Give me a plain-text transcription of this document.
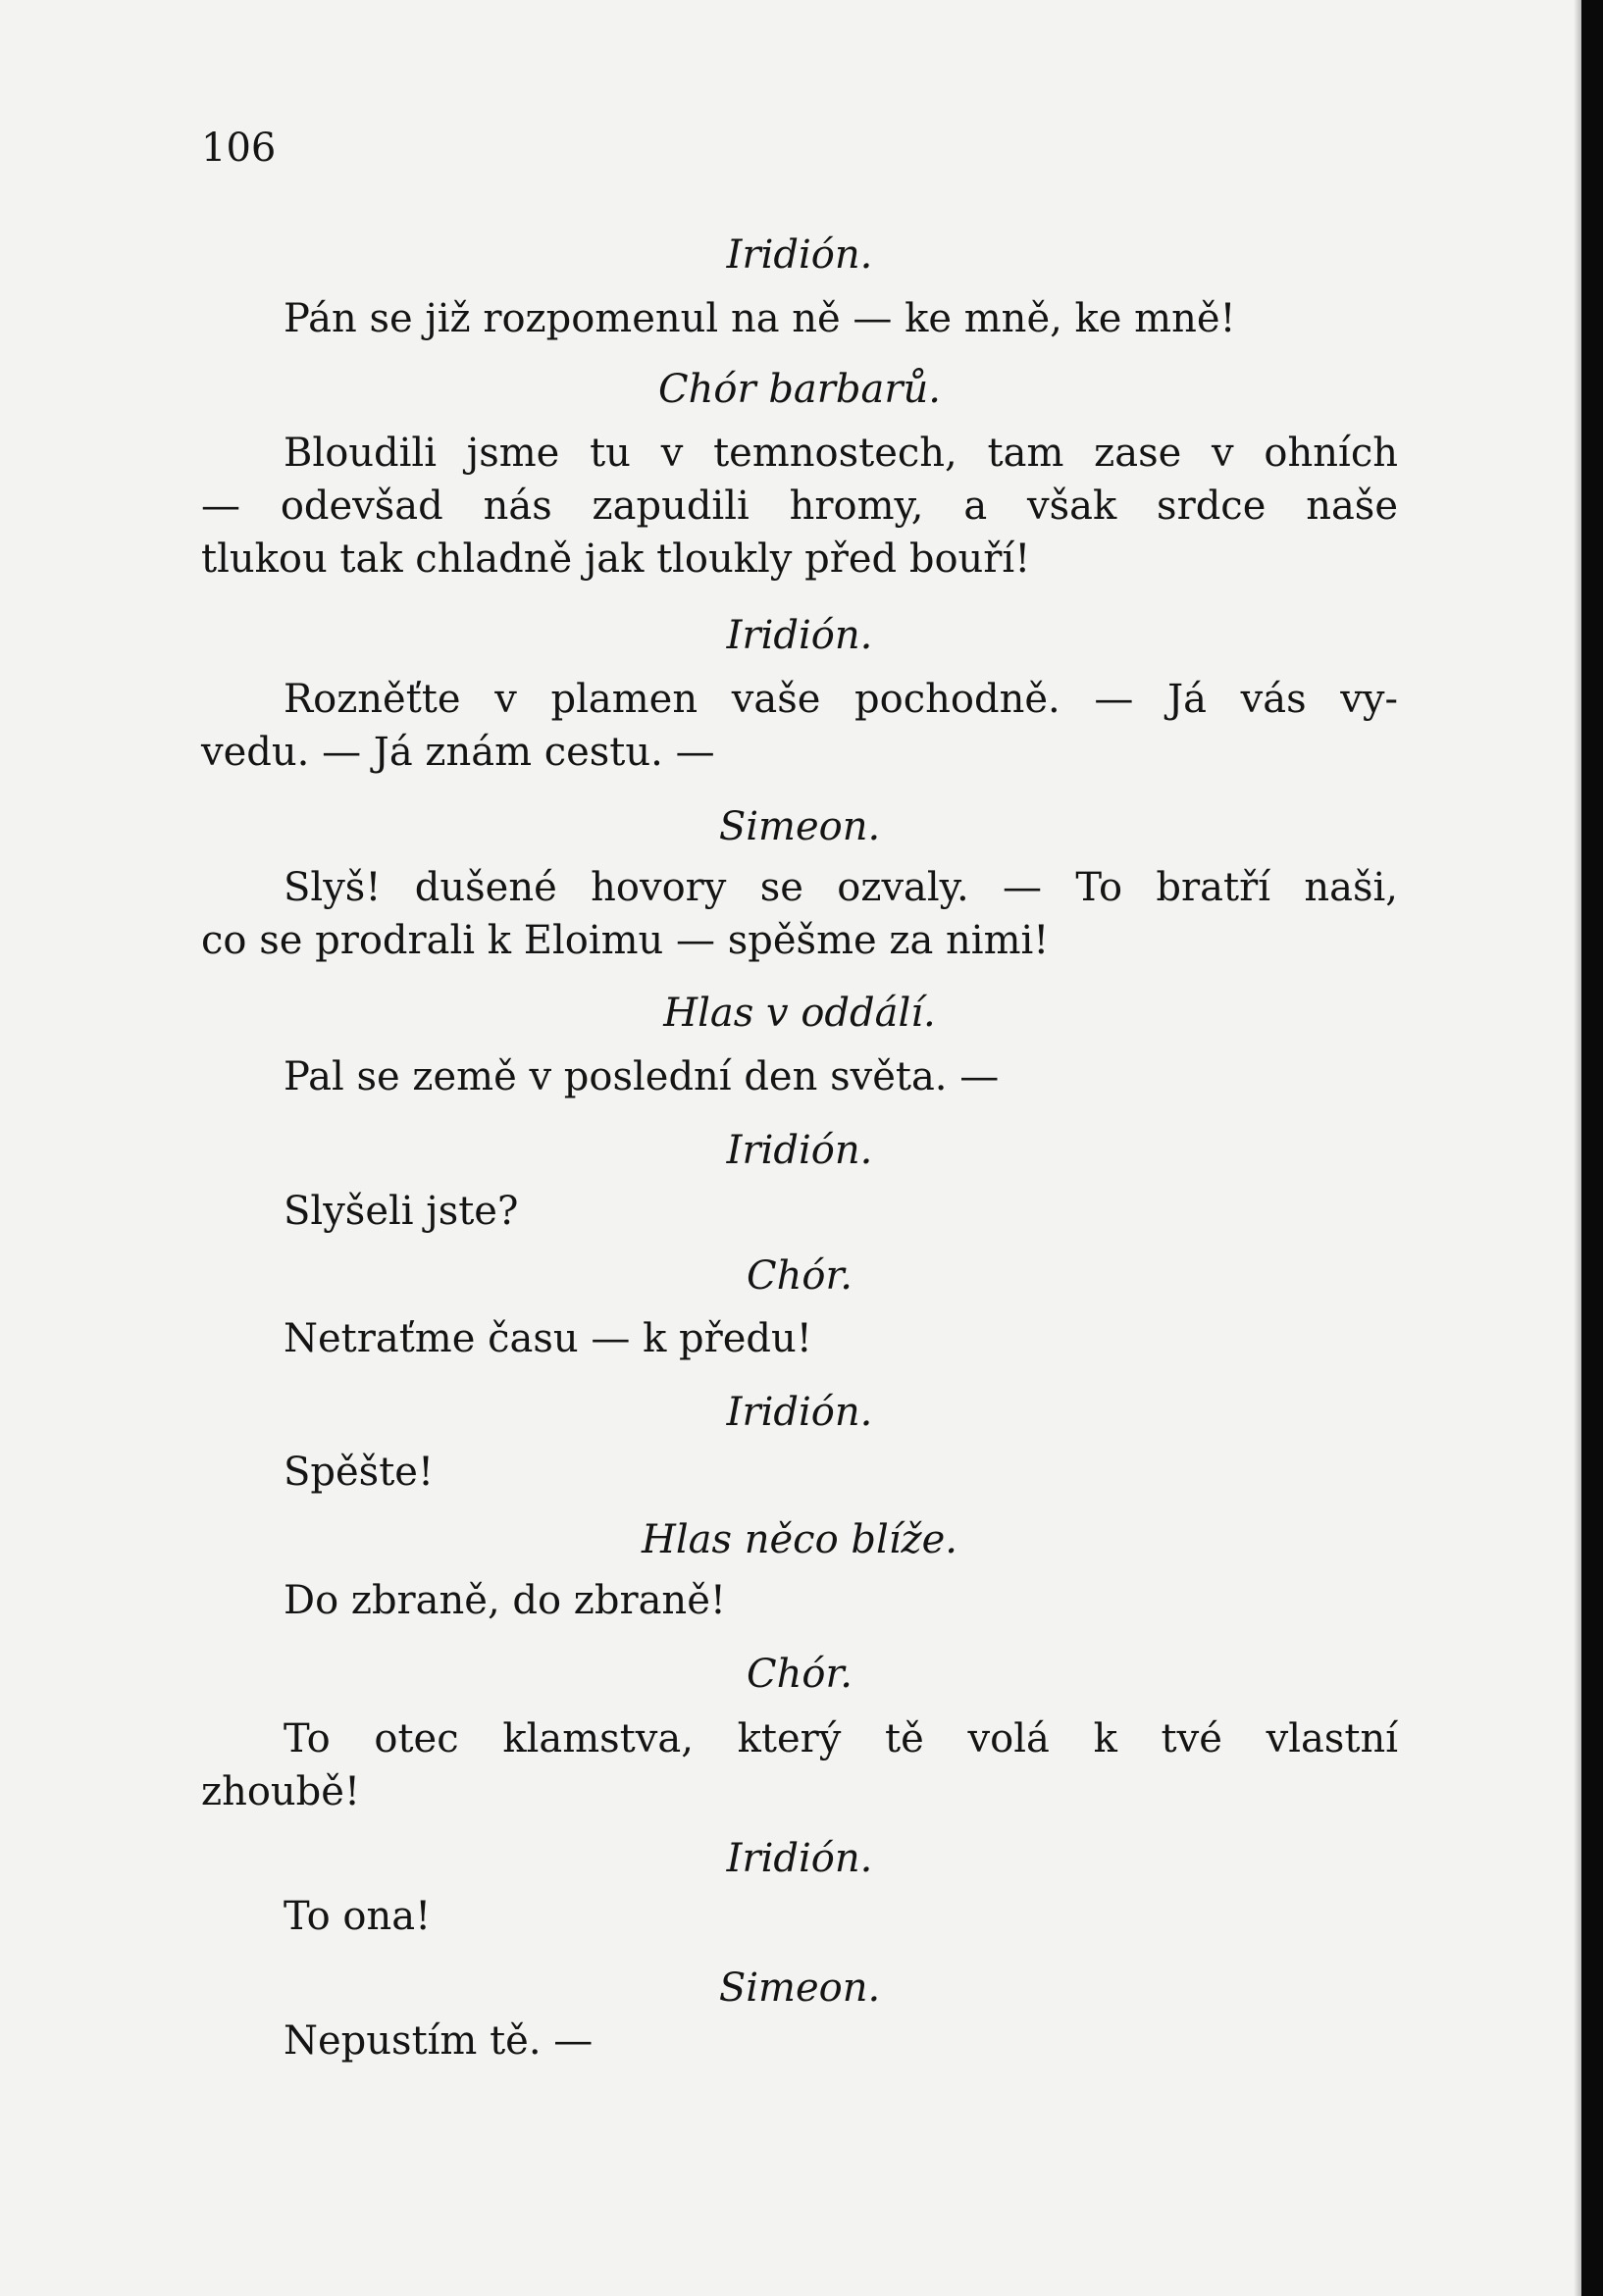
106
Iridión.
Pán se již rozpomenul na ně — ke mně, ke mně!
Chór barbarů.
Bloudili jsme tu v temnostech, tam zase v ohních
— odevšad nás zapudili hromy, a však srdce naše
tlukou tak chladně jak tloukly před bouří!
Iridión.
Rozněťte v plamen vaše pochodně. — Já vás vy-
vedu. — Já znám cestu. —
Simeon.
Slyš! dušené hovory se ozvaly. — To bratří naši,
co se prodrali k Eloimu — spěšme za nimi!
Hlas v oddálí.
Pal se země v poslední den světa. —
Iridión.
Slyšeli jste?
Chór.
Netraťme času — k předu!
Iridión.
Spěšte!
Hlas něco blíže.
Do zbraně, do zbraně!
Chór.
To otec klamstva, který tě volá k tvé vlastní
zhoubě!
Iridión.
To ona!
Simeon.
Nepustím tě. —
